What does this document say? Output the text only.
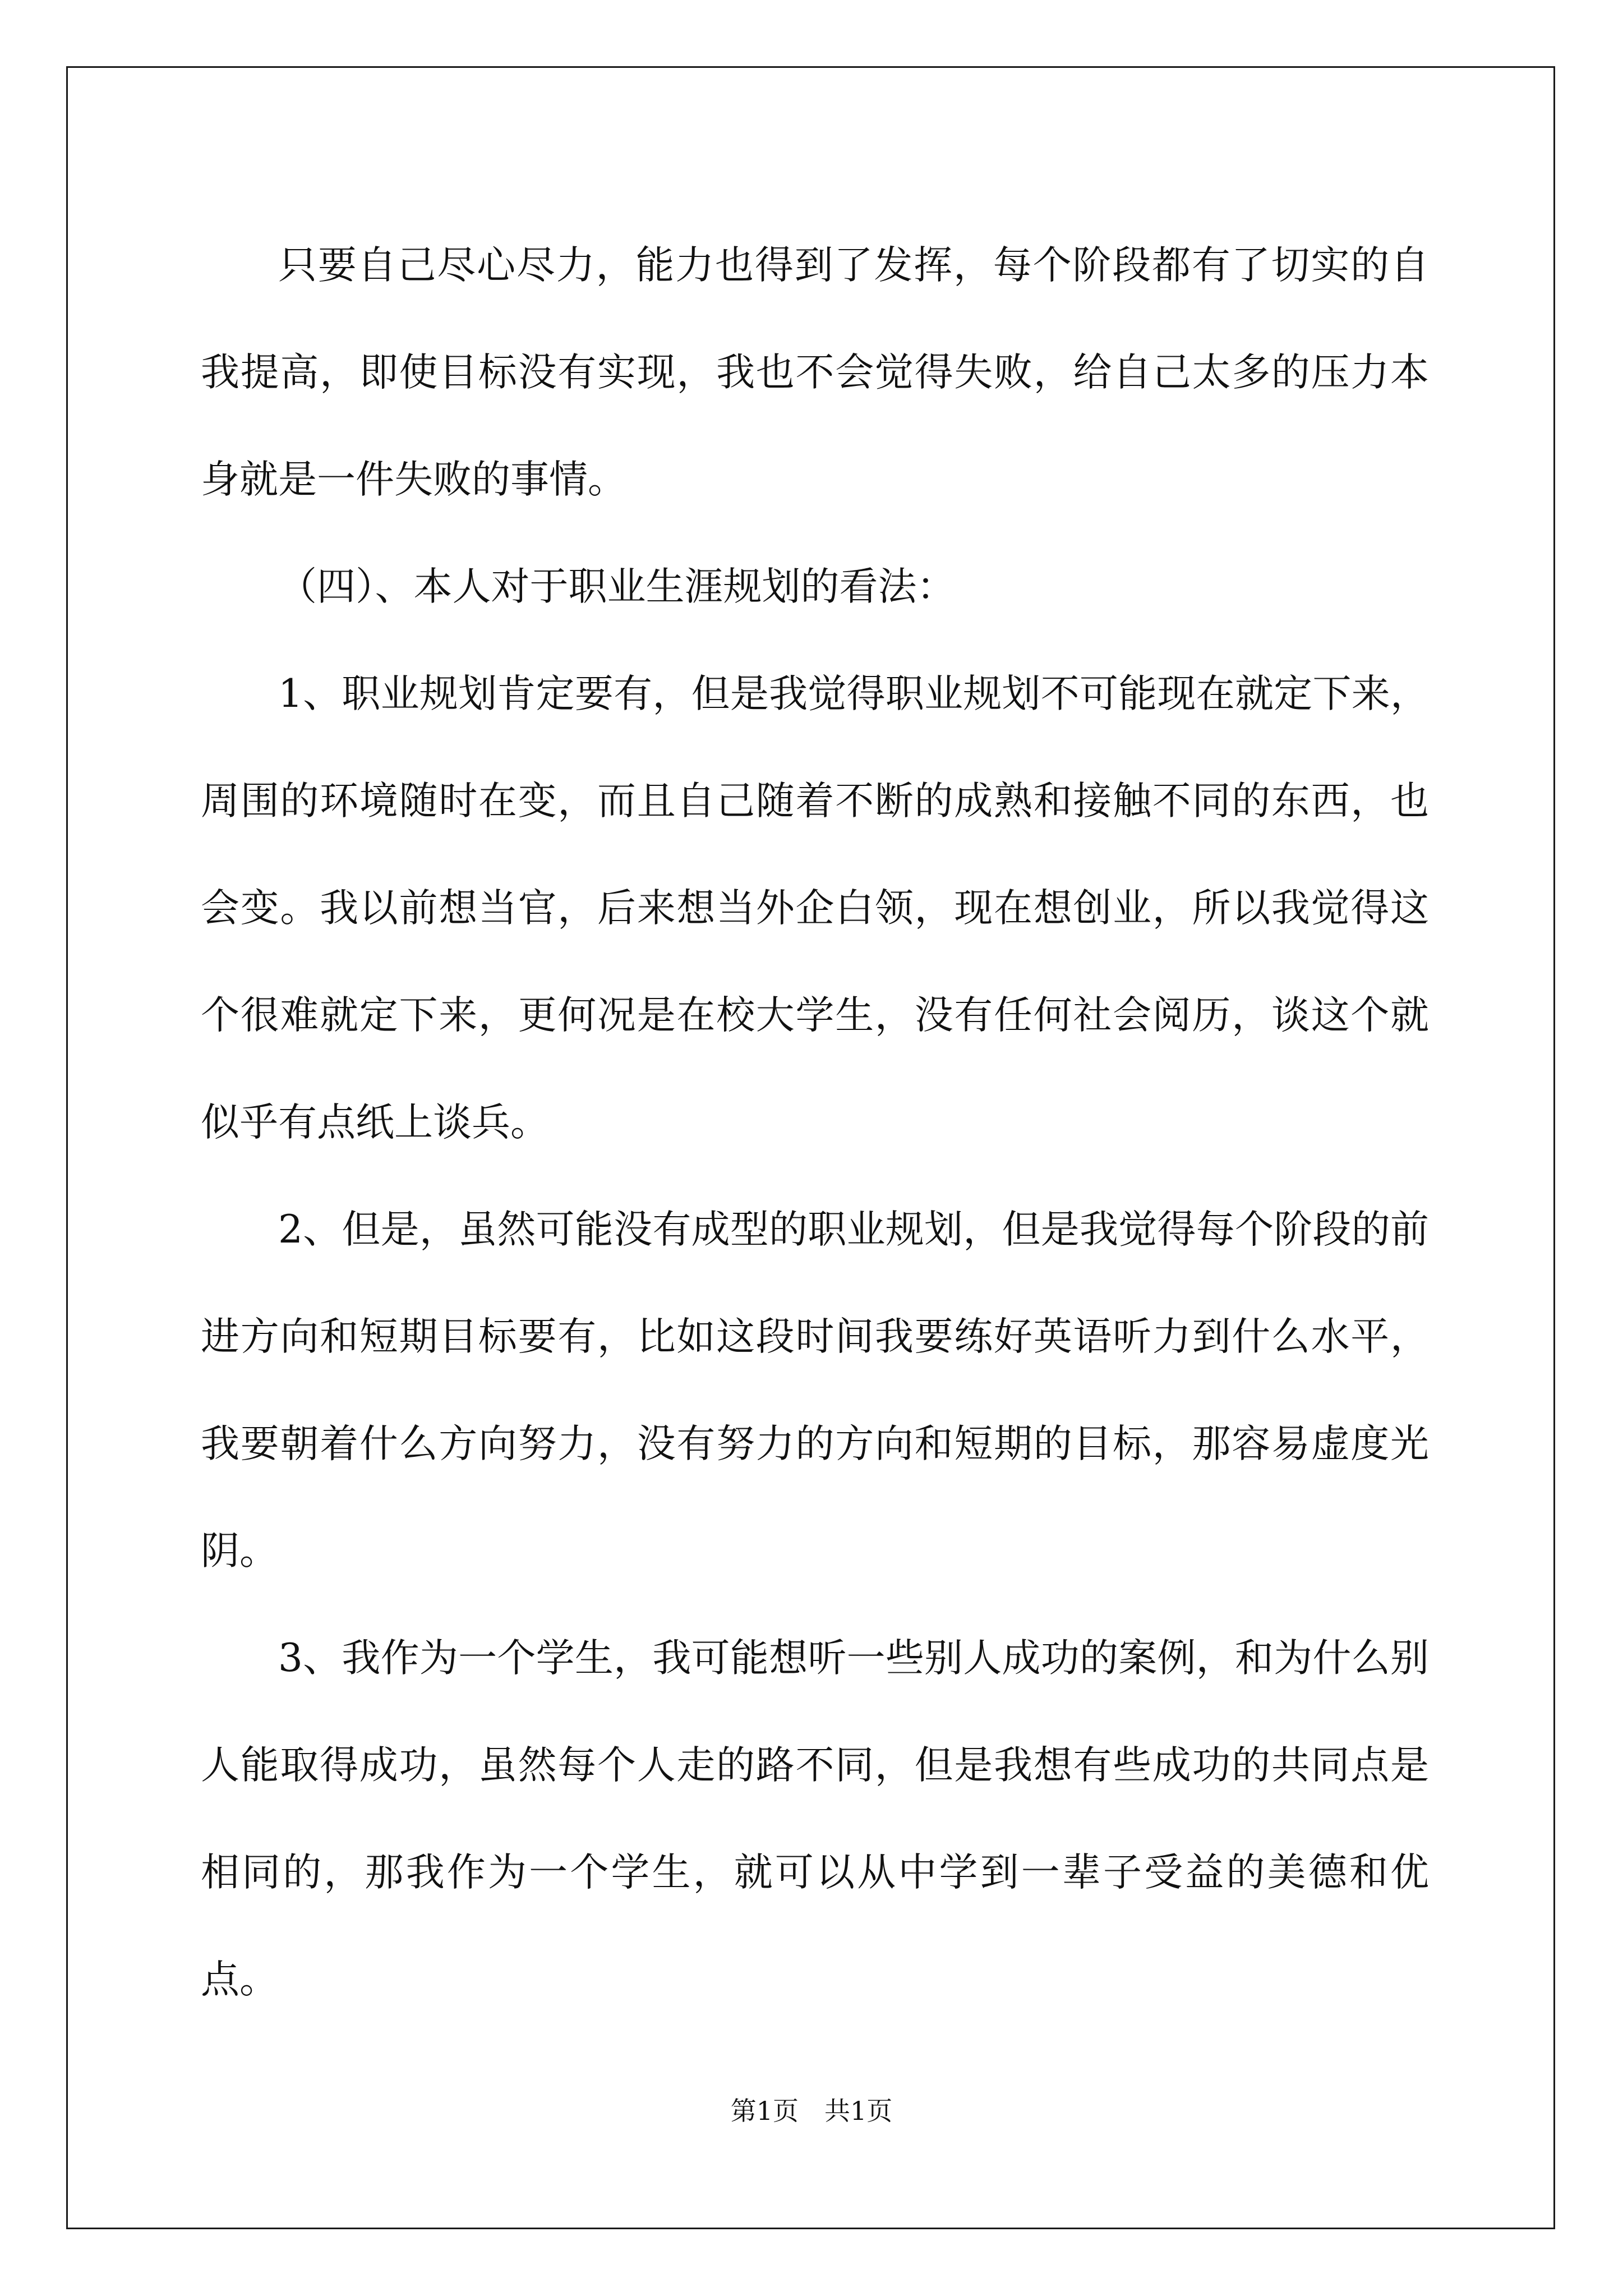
只要自己尽心尽力，能力也得到了发挥，每个阶段都有了切实的自我提高，即使目标没有实现，我也不会觉得失败，给自己太多的压力本身就是一件失败的事情。

（四）、本人对于职业生涯规划的看法：

1、职业规划肯定要有，但是我觉得职业规划不可能现在就定下来，周围的环境随时在变，而且自己随着不断的成熟和接触不同的东西，也会变。我以前想当官，后来想当外企白领，现在想创业，所以我觉得这个很难就定下来，更何况是在校大学生，没有任何社会阅历，谈这个就似乎有点纸上谈兵。

2、但是，虽然可能没有成型的职业规划，但是我觉得每个阶段的前进方向和短期目标要有，比如这段时间我要练好英语听力到什么水平，我要朝着什么方向努力，没有努力的方向和短期的目标，那容易虚度光阴。

3、我作为一个学生，我可能想听一些别人成功的案例，和为什么别人能取得成功，虽然每个人走的路不同，但是我想有些成功的共同点是相同的，那我作为一个学生，就可以从中学到一辈子受益的美德和优点。

第1页 共1页
